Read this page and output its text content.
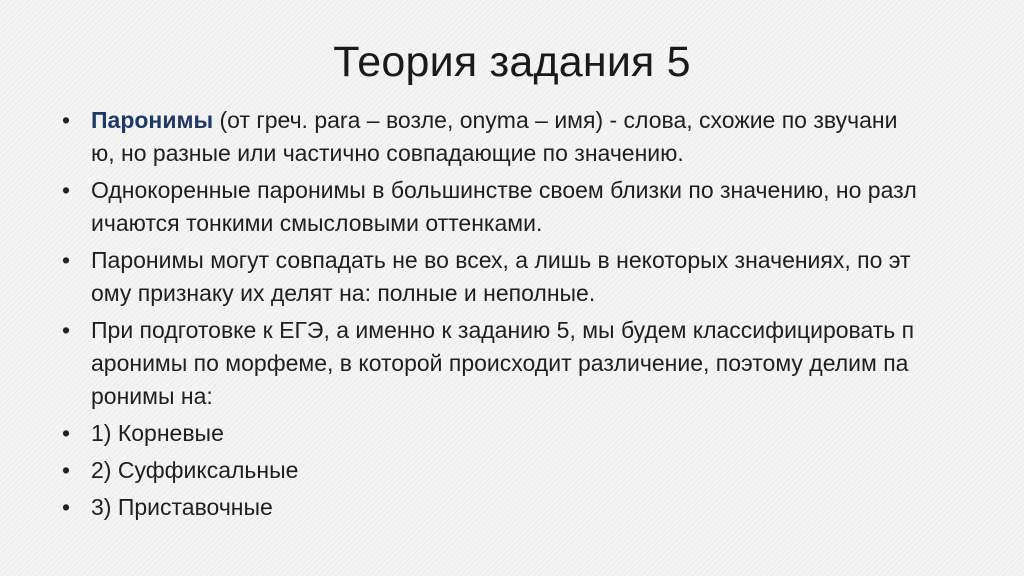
Теория задания 5
• Паронимы (от греч. para – возле, onyma – имя) - слова, схожие по звучанию, но разные или частично совпадающие по значению.
• Однокоренные паронимы в большинстве своем близки по значению, но различаются тонкими смысловыми оттенками.
• Паронимы могут совпадать не во всех, а лишь в некоторых значениях, по этому признаку их делят на: полные и неполные.
• При подготовке к ЕГЭ, а именно к заданию 5, мы будем классифицировать паронимы по морфеме, в которой происходит различение, поэтому делим паронимы на:
• 1) Корневые
• 2) Суффиксальные
• 3) Приставочные
